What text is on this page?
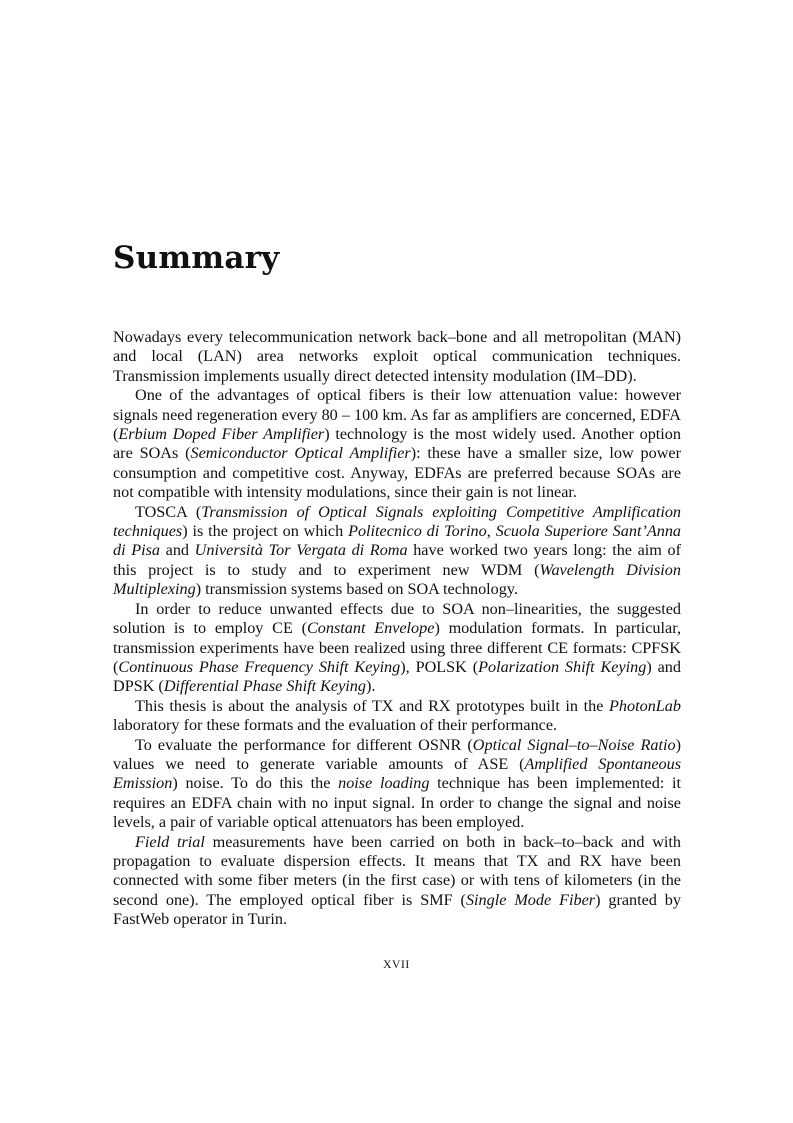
Summary

Nowadays every telecommunication network back–bone and all metropolitan (MAN) and local (LAN) area networks exploit optical communication techniques. Transmission implements usually direct detected intensity modulation (IM–DD).

One of the advantages of optical fibers is their low attenuation value: however signals need regeneration every 80 – 100 km. As far as amplifiers are concerned, EDFA (Erbium Doped Fiber Amplifier) technology is the most widely used. Another option are SOAs (Semiconductor Optical Amplifier): these have a smaller size, low power consumption and competitive cost. Anyway, EDFAs are preferred because SOAs are not compatible with intensity modulations, since their gain is not linear.

TOSCA (Transmission of Optical Signals exploiting Competitive Amplification techniques) is the project on which Politecnico di Torino, Scuola Superiore Sant’Anna di Pisa and Università Tor Vergata di Roma have worked two years long: the aim of this project is to study and to experiment new WDM (Wavelength Division Multiplexing) transmission systems based on SOA technology.

In order to reduce unwanted effects due to SOA non–linearities, the suggested solution is to employ CE (Constant Envelope) modulation formats. In particular, transmission experiments have been realized using three different CE formats: CPFSK (Continuous Phase Frequency Shift Keying), POLSK (Polarization Shift Keying) and DPSK (Differential Phase Shift Keying).

This thesis is about the analysis of TX and RX prototypes built in the PhotonLab laboratory for these formats and the evaluation of their performance.

To evaluate the performance for different OSNR (Optical Signal–to–Noise Ratio) values we need to generate variable amounts of ASE (Amplified Spontaneous Emission) noise. To do this the noise loading technique has been implemented: it requires an EDFA chain with no input signal. In order to change the signal and noise levels, a pair of variable optical attenuators has been employed.

Field trial measurements have been carried on both in back–to–back and with propagation to evaluate dispersion effects. It means that TX and RX have been connected with some fiber meters (in the first case) or with tens of kilometers (in the second one). The employed optical fiber is SMF (Single Mode Fiber) granted by FastWeb operator in Turin.

XVII
